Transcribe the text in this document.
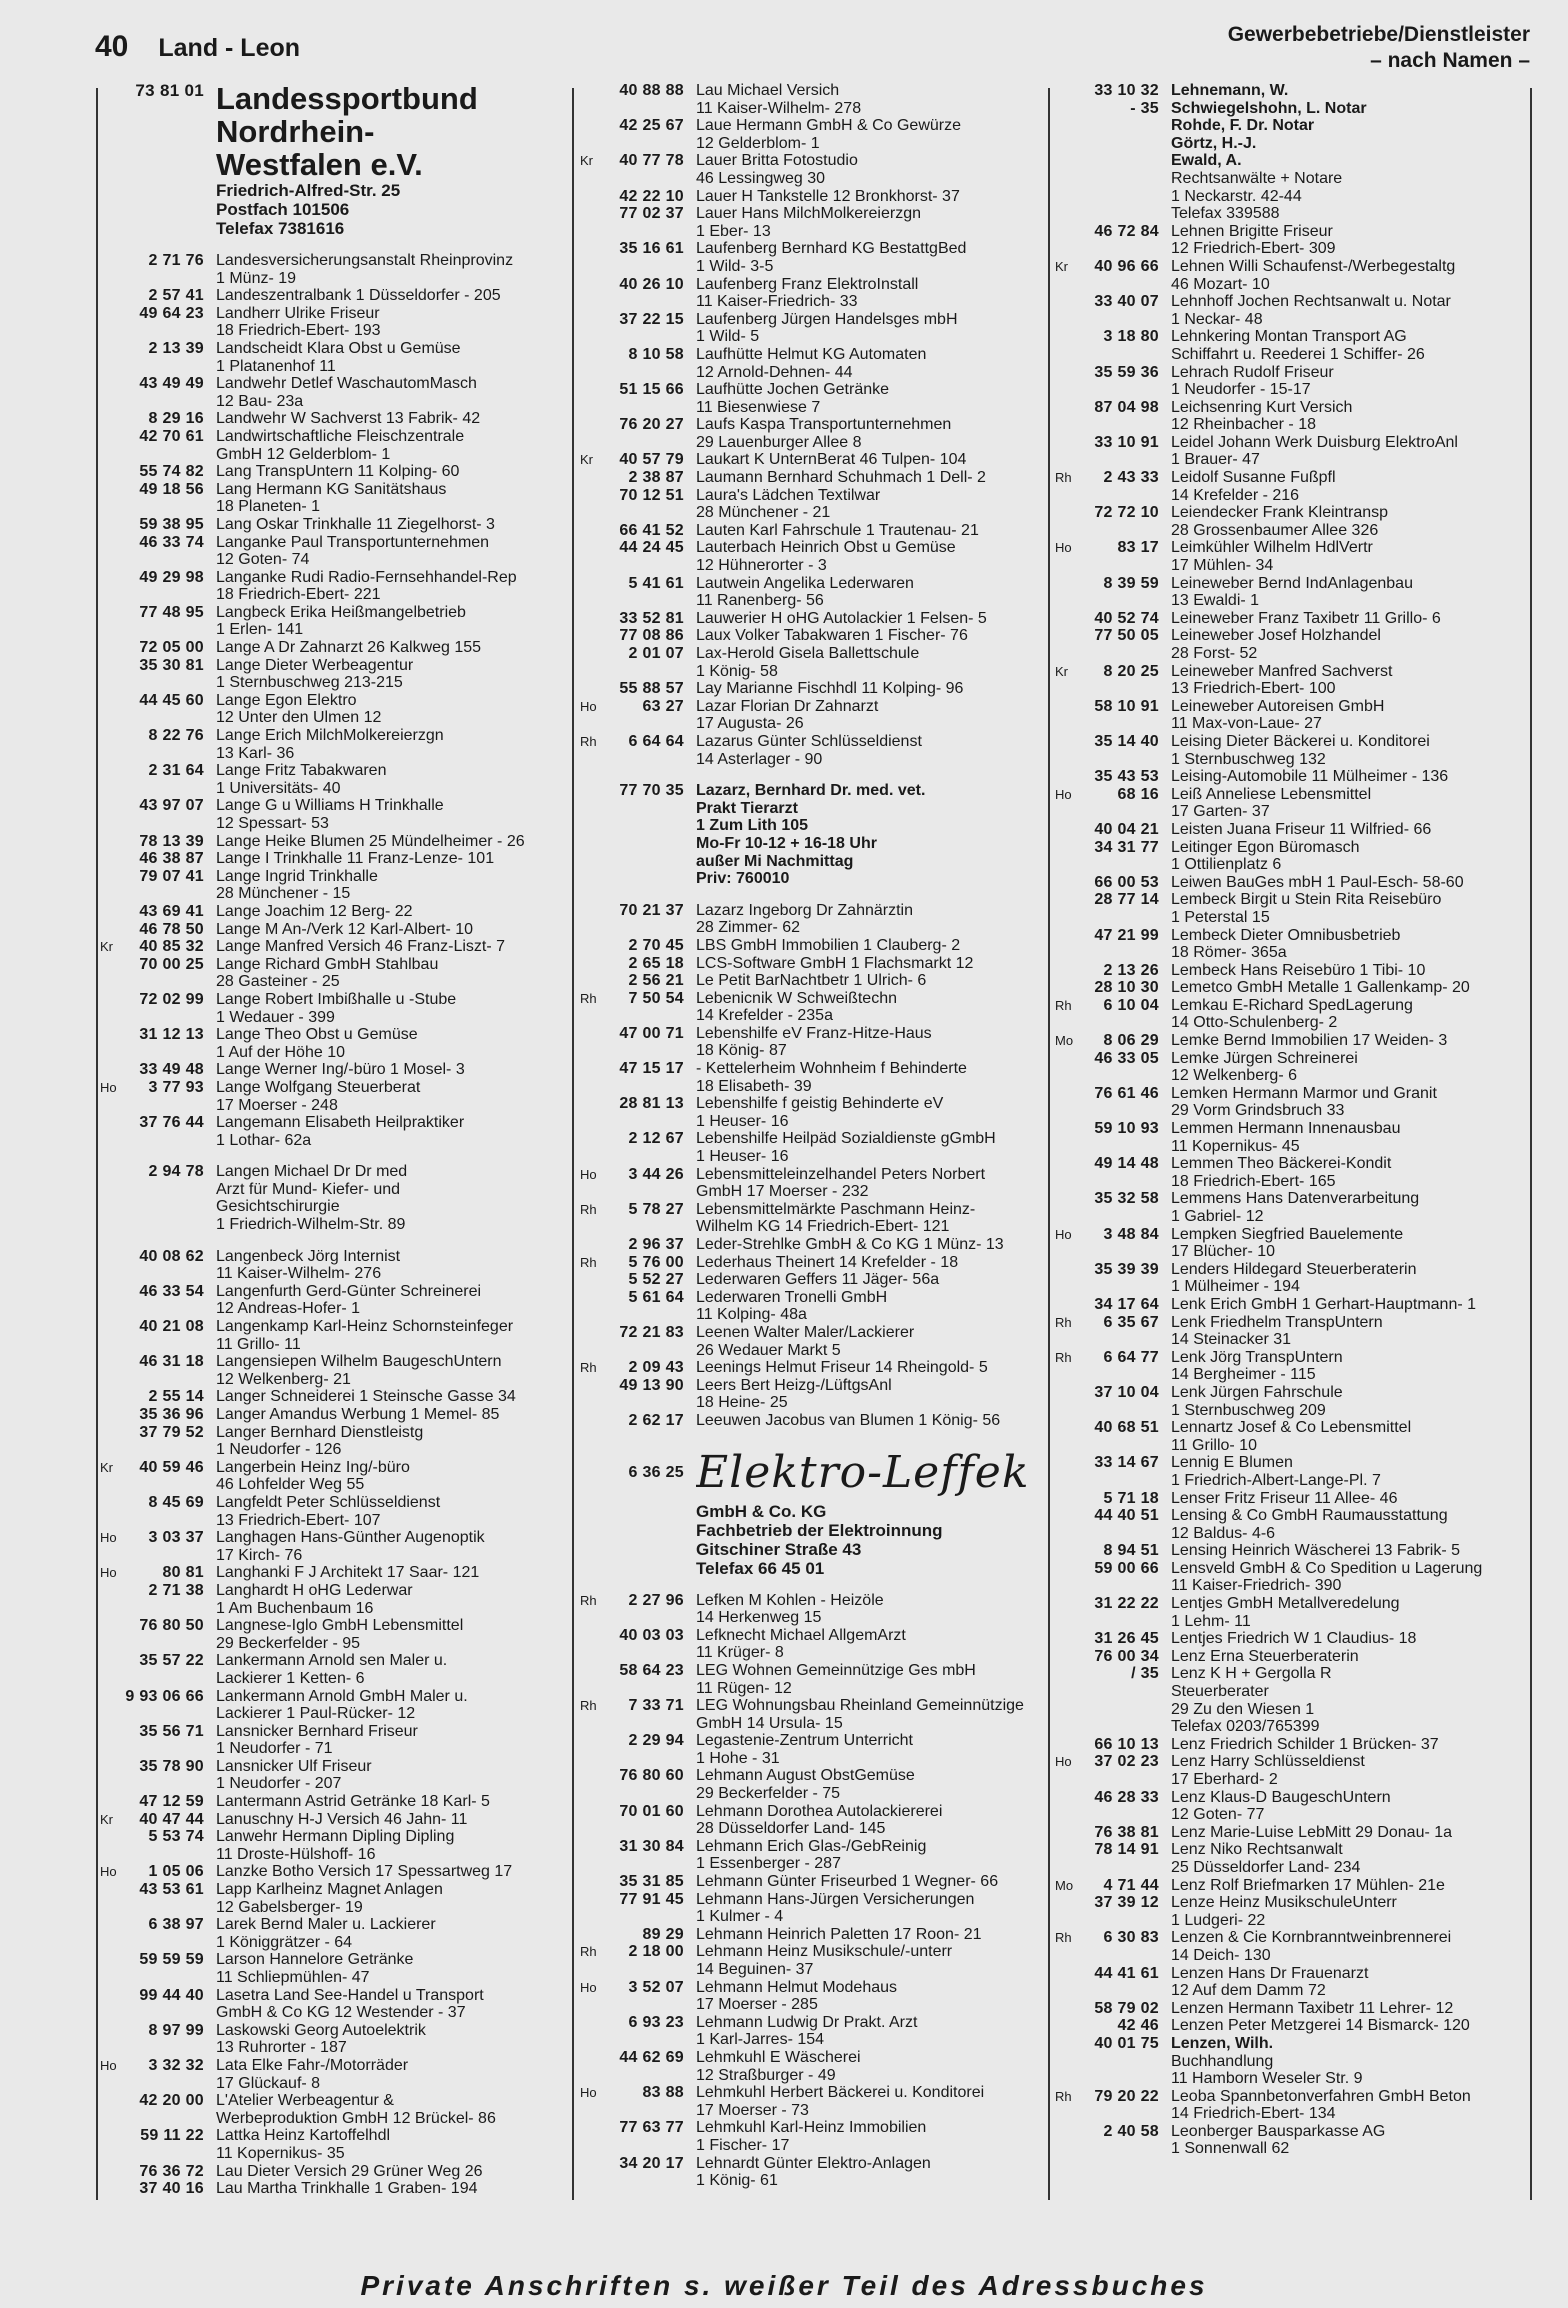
40 Land - Leon	Gewerbebetriebe/Dienstleister
– nach Namen –
73 81 01 Landessportbund
Nordrhein-
Westfalen e.V.
Friedrich-Alfred-Str. 25
Postfach 101506
Telefax 7381616
2 71 76 Landesversicherungsanstalt Rheinprovinz
1 Münz- 19
2 57 41 Landeszentralbank 1 Düsseldorfer - 205
49 64 23 Landherr Ulrike Friseur
18 Friedrich-Ebert- 193
2 13 39 Landscheidt Klara Obst u Gemüse
1 Platanenhof 11
43 49 49 Landwehr Detlef WaschautomMasch
12 Bau- 23a
8 29 16 Landwehr W Sachverst 13 Fabrik- 42
42 70 61 Landwirtschaftliche Fleischzentrale
GmbH 12 Gelderblom- 1
55 74 82 Lang TranspUntern 11 Kolping- 60
49 18 56 Lang Hermann KG Sanitätshaus
18 Planeten- 1
59 38 95 Lang Oskar Trinkhalle 11 Ziegelhorst- 3
46 33 74 Langanke Paul Transportunternehmen
12 Goten- 74
49 29 98 Langanke Rudi Radio-Fernsehhandel-Rep
18 Friedrich-Ebert- 221
77 48 95 Langbeck Erika Heißmangelbetrieb
1 Erlen- 141
72 05 00 Lange A Dr Zahnarzt 26 Kalkweg 155
35 30 81 Lange Dieter Werbeagentur
1 Sternbuschweg 213-215
44 45 60 Lange Egon Elektro
12 Unter den Ulmen 12
8 22 76 Lange Erich MilchMolkereierzgn
13 Karl- 36
2 31 64 Lange Fritz Tabakwaren
1 Universitäts- 40
43 97 07 Lange G u Williams H Trinkhalle
12 Spessart- 53
78 13 39 Lange Heike Blumen 25 Mündelheimer - 26
46 38 87 Lange I Trinkhalle 11 Franz-Lenze- 101
79 07 41 Lange Ingrid Trinkhalle
28 Münchener - 15
43 69 41 Lange Joachim 12 Berg- 22
46 78 50 Lange M An-/Verk 12 Karl-Albert- 10
Kr	40 85 32 Lange Manfred Versich 46 Franz-Liszt- 7
70 00 25 Lange Richard GmbH Stahlbau
28 Gasteiner - 25
72 02 99 Lange Robert Imbißhalle u -Stube
1 Wedauer - 399
31 12 13 Lange Theo Obst u Gemüse
1 Auf der Höhe 10
33 49 48 Lange Werner Ing/-büro 1 Mosel- 3
Ho	3 77 93 Lange Wolfgang Steuerberat
17 Moerser - 248
37 76 44 Langemann Elisabeth Heilpraktiker
1 Lothar- 62a
2 94 78 Langen Michael Dr Dr med
Arzt für Mund- Kiefer- und
Gesichtschirurgie
1 Friedrich-Wilhelm-Str. 89
40 08 62 Langenbeck Jörg Internist
11 Kaiser-Wilhelm- 276
46 33 54 Langenfurth Gerd-Günter Schreinerei
12 Andreas-Hofer- 1
40 21 08 Langenkamp Karl-Heinz Schornsteinfeger
11 Grillo- 11
46 31 18 Langensiepen Wilhelm BaugeschUntern
12 Welkenberg- 21
2 55 14 Langer Schneiderei 1 Steinsche Gasse 34
35 36 96 Langer Amandus Werbung 1 Memel- 85
37 79 52 Langer Bernhard Dienstleistg
1 Neudorfer - 126
Kr	40 59 46 Langerbein Heinz Ing/-büro
46 Lohfelder Weg 55
8 45 69 Langfeldt Peter Schlüsseldienst
13 Friedrich-Ebert- 107
Ho	3 03 37 Langhagen Hans-Günther Augenoptik
17 Kirch- 76
Ho	80 81 Langhanki F J Architekt 17 Saar- 121
2 71 38 Langhardt H oHG Lederwar
1 Am Buchenbaum 16
76 80 50 Langnese-Iglo GmbH Lebensmittel
29 Beckerfelder - 95
35 57 22 Lankermann Arnold sen Maler u.
Lackierer 1 Ketten- 6
9 93 06 66 Lankermann Arnold GmbH Maler u.
Lackierer 1 Paul-Rücker- 12
35 56 71 Lansnicker Bernhard Friseur
1 Neudorfer - 71
35 78 90 Lansnicker Ulf Friseur
1 Neudorfer - 207
47 12 59 Lantermann Astrid Getränke 18 Karl- 5
Kr	40 47 44 Lanuschny H-J Versich 46 Jahn- 11
5 53 74 Lanwehr Hermann Dipling Dipling
11 Droste-Hülshoff- 16
Ho	1 05 06 Lanzke Botho Versich 17 Spessartweg 17
43 53 61 Lapp Karlheinz Magnet Anlagen
12 Gabelsberger- 19
6 38 97 Larek Bernd Maler u. Lackierer
1 Königgrätzer - 64
59 59 59 Larson Hannelore Getränke
11 Schliepmühlen- 47
99 44 40 Lasetra Land See-Handel u Transport
GmbH & Co KG 12 Westender - 37
8 97 99 Laskowski Georg Autoelektrik
13 Ruhrorter - 187
Ho	3 32 32 Lata Elke Fahr-/Motorräder
17 Glückauf- 8
42 20 00 L'Atelier Werbeagentur &
Werbeproduktion GmbH 12 Brückel- 86
59 11 22 Lattka Heinz Kartoffelhdl
11 Kopernikus- 35
76 36 72 Lau Dieter Versich 29 Grüner Weg 26
37 40 16 Lau Martha Trinkhalle 1 Graben- 194
40 88 88 Lau Michael Versich
11 Kaiser-Wilhelm- 278
42 25 67 Laue Hermann GmbH & Co Gewürze
12 Gelderblom- 1
Kr	40 77 78 Lauer Britta Fotostudio
46 Lessingweg 30
42 22 10 Lauer H Tankstelle 12 Bronkhorst- 37
77 02 37 Lauer Hans MilchMolkereierzgn
1 Eber- 13
35 16 61 Laufenberg Bernhard KG BestattgBed
1 Wild- 3-5
40 26 10 Laufenberg Franz ElektroInstall
11 Kaiser-Friedrich- 33
37 22 15 Laufenberg Jürgen Handelsges mbH
1 Wild- 5
8 10 58 Laufhütte Helmut KG Automaten
12 Arnold-Dehnen- 44
51 15 66 Laufhütte Jochen Getränke
11 Biesenwiese 7
76 20 27 Laufs Kaspa Transportunternehmen
29 Lauenburger Allee 8
Kr	40 57 79 Laukart K UnternBerat 46 Tulpen- 104
2 38 87 Laumann Bernhard Schuhmach 1 Dell- 2
70 12 51 Laura's Lädchen Textilwar
28 Münchener - 21
66 41 52 Lauten Karl Fahrschule 1 Trautenau- 21
44 24 45 Lauterbach Heinrich Obst u Gemüse
12 Hühnerorter - 3
5 41 61 Lautwein Angelika Lederwaren
11 Ranenberg- 56
33 52 81 Lauwerier H oHG Autolackier 1 Felsen- 5
77 08 86 Laux Volker Tabakwaren 1 Fischer- 76
2 01 07 Lax-Herold Gisela Ballettschule
1 König- 58
55 88 57 Lay Marianne Fischhdl 11 Kolping- 96
Ho	63 27 Lazar Florian Dr Zahnarzt
17 Augusta- 26
Rh	6 64 64 Lazarus Günter Schlüsseldienst
14 Asterlager - 90
77 70 35 Lazarz, Bernhard Dr. med. vet.
Prakt Tierarzt
1 Zum Lith 105
Mo-Fr 10-12 + 16-18 Uhr
außer Mi Nachmittag
Priv: 760010
70 21 37 Lazarz Ingeborg Dr Zahnärztin
28 Zimmer- 62
2 70 45 LBS GmbH Immobilien 1 Clauberg- 2
2 65 18 LCS-Software GmbH 1 Flachsmarkt 12
2 56 21 Le Petit BarNachtbetr 1 Ulrich- 6
Rh	7 50 54 Lebenicnik W Schweißtechn
14 Krefelder - 235a
47 00 71 Lebenshilfe eV Franz-Hitze-Haus
18 König- 87
47 15 17 - Kettelerheim Wohnheim f Behinderte
18 Elisabeth- 39
28 81 13 Lebenshilfe f geistig Behinderte eV
1 Heuser- 16
2 12 67 Lebenshilfe Heilpäd Sozialdienste gGmbH
1 Heuser- 16
Ho	3 44 26 Lebensmitteleinzelhandel Peters Norbert
GmbH 17 Moerser - 232
Rh	5 78 27 Lebensmittelmärkte Paschmann Heinz-
Wilhelm KG 14 Friedrich-Ebert- 121
2 96 37 Leder-Strehlke GmbH & Co KG 1 Münz- 13
Rh	5 76 00 Lederhaus Theinert 14 Krefelder - 18
5 52 27 Lederwaren Geffers 11 Jäger- 56a
5 61 64 Lederwaren Tronelli GmbH
11 Kolping- 48a
72 21 83 Leenen Walter Maler/Lackierer
26 Wedauer Markt 5
Rh	2 09 43 Leenings Helmut Friseur 14 Rheingold- 5
49 13 90 Leers Bert Heizg-/LüftgsAnl
18 Heine- 25
2 62 17 Leeuwen Jacobus van Blumen 1 König- 56
6 36 25 Elektro-Leffek
GmbH & Co. KG
Fachbetrieb der Elektroinnung
Gitschiner Straße 43
Telefax 66 45 01
Rh	2 27 96 Lefken M Kohlen - Heizöle
14 Herkenweg 15
40 03 03 Lefknecht Michael AllgemArzt
11 Krüger- 8
58 64 23 LEG Wohnen Gemeinnützige Ges mbH
11 Rügen- 12
Rh	7 33 71 LEG Wohnungsbau Rheinland Gemeinnützige
GmbH 14 Ursula- 15
2 29 94 Legastenie-Zentrum Unterricht
1 Hohe - 31
76 80 60 Lehmann August ObstGemüse
29 Beckerfelder - 75
70 01 60 Lehmann Dorothea Autolackiererei
28 Düsseldorfer Land- 145
31 30 84 Lehmann Erich Glas-/GebReinig
1 Essenberger - 287
35 31 85 Lehmann Günter Friseurbed 1 Wegner- 66
77 91 45 Lehmann Hans-Jürgen Versicherungen
1 Kulmer - 4
89 29 Lehmann Heinrich Paletten 17 Roon- 21
Rh	2 18 00 Lehmann Heinz Musikschule/-unterr
14 Beguinen- 37
Ho	3 52 07 Lehmann Helmut Modehaus
17 Moerser - 285
6 93 23 Lehmann Ludwig Dr Prakt. Arzt
1 Karl-Jarres- 154
44 62 69 Lehmkuhl E Wäscherei
12 Straßburger - 49
Ho	83 88 Lehmkuhl Herbert Bäckerei u. Konditorei
17 Moerser - 73
77 63 77 Lehmkuhl Karl-Heinz Immobilien
1 Fischer- 17
34 20 17 Lehnardt Günter Elektro-Anlagen
1 König- 61
33 10 32 Lehnemann, W.
- 35 Schwiegelshohn, L. Notar
Rohde, F. Dr. Notar
Görtz, H.-J.
Ewald, A.
Rechtsanwälte + Notare
1 Neckarstr. 42-44
Telefax 339588
46 72 84 Lehnen Brigitte Friseur
12 Friedrich-Ebert- 309
Kr	40 96 66 Lehnen Willi Schaufenst-/Werbegestaltg
46 Mozart- 10
33 40 07 Lehnhoff Jochen Rechtsanwalt u. Notar
1 Neckar- 48
3 18 80 Lehnkering Montan Transport AG
Schiffahrt u. Reederei 1 Schiffer- 26
35 59 36 Lehrach Rudolf Friseur
1 Neudorfer - 15-17
87 04 98 Leichsenring Kurt Versich
12 Rheinbacher - 18
33 10 91 Leidel Johann Werk Duisburg ElektroAnl
1 Brauer- 47
Rh	2 43 33 Leidolf Susanne Fußpfl
14 Krefelder - 216
72 72 10 Leiendecker Frank Kleintransp
28 Grossenbaumer Allee 326
Ho	83 17 Leimkühler Wilhelm HdlVertr
17 Mühlen- 34
8 39 59 Leineweber Bernd IndAnlagenbau
13 Ewaldi- 1
40 52 74 Leineweber Franz Taxibetr 11 Grillo- 6
77 50 05 Leineweber Josef Holzhandel
28 Forst- 52
Kr	8 20 25 Leineweber Manfred Sachverst
13 Friedrich-Ebert- 100
58 10 91 Leineweber Autoreisen GmbH
11 Max-von-Laue- 27
35 14 40 Leising Dieter Bäckerei u. Konditorei
1 Sternbuschweg 132
35 43 53 Leising-Automobile 11 Mülheimer - 136
Ho	68 16 Leiß Anneliese Lebensmittel
17 Garten- 37
40 04 21 Leisten Juana Friseur 11 Wilfried- 66
34 31 77 Leitinger Egon Büromasch
1 Ottilienplatz 6
66 00 53 Leiwen BauGes mbH 1 Paul-Esch- 58-60
28 77 14 Lembeck Birgit u Stein Rita Reisebüro
1 Peterstal 15
47 21 99 Lembeck Dieter Omnibusbetrieb
18 Römer- 365a
2 13 26 Lembeck Hans Reisebüro 1 Tibi- 10
28 10 30 Lemetco GmbH Metalle 1 Gallenkamp- 20
Rh	6 10 04 Lemkau E-Richard SpedLagerung
14 Otto-Schulenberg- 2
Mo	8 06 29 Lemke Bernd Immobilien 17 Weiden- 3
46 33 05 Lemke Jürgen Schreinerei
12 Welkenberg- 6
76 61 46 Lemken Hermann Marmor und Granit
29 Vorm Grindsbruch 33
59 10 93 Lemmen Hermann Innenausbau
11 Kopernikus- 45
49 14 48 Lemmen Theo Bäckerei-Kondit
18 Friedrich-Ebert- 165
35 32 58 Lemmens Hans Datenverarbeitung
1 Gabriel- 12
Ho	3 48 84 Lempken Siegfried Bauelemente
17 Blücher- 10
35 39 39 Lenders Hildegard Steuerberaterin
1 Mülheimer - 194
34 17 64 Lenk Erich GmbH 1 Gerhart-Hauptmann- 1
Rh	6 35 67 Lenk Friedhelm TranspUntern
14 Steinacker 31
Rh	6 64 77 Lenk Jörg TranspUntern
14 Bergheimer - 115
37 10 04 Lenk Jürgen Fahrschule
1 Sternbuschweg 209
40 68 51 Lennartz Josef & Co Lebensmittel
11 Grillo- 10
33 14 67 Lennig E Blumen
1 Friedrich-Albert-Lange-Pl. 7
5 71 18 Lenser Fritz Friseur 11 Allee- 46
44 40 51 Lensing & Co GmbH Raumausstattung
12 Baldus- 4-6
8 94 51 Lensing Heinrich Wäscherei 13 Fabrik- 5
59 00 66 Lensveld GmbH & Co Spedition u Lagerung
11 Kaiser-Friedrich- 390
31 22 22 Lentjes GmbH Metallveredelung
1 Lehm- 11
31 26 45 Lentjes Friedrich W 1 Claudius- 18
76 00 34 Lenz Erna Steuerberaterin
/ 35 Lenz K H + Gergolla R
Steuerberater
29 Zu den Wiesen 1
Telefax 0203/765399
66 10 13 Lenz Friedrich Schilder 1 Brücken- 37
Ho	37 02 23 Lenz Harry Schlüsseldienst
17 Eberhard- 2
46 28 33 Lenz Klaus-D BaugeschUntern
12 Goten- 77
76 38 81 Lenz Marie-Luise LebMitt 29 Donau- 1a
78 14 91 Lenz Niko Rechtsanwalt
25 Düsseldorfer Land- 234
Mo	4 71 44 Lenz Rolf Briefmarken 17 Mühlen- 21e
37 39 12 Lenze Heinz MusikschuleUnterr
1 Ludgeri- 22
Rh	6 30 83 Lenzen & Cie Kornbranntweinbrennerei
14 Deich- 130
44 41 61 Lenzen Hans Dr Frauenarzt
12 Auf dem Damm 72
58 79 02 Lenzen Hermann Taxibetr 11 Lehrer- 12
42 46 Lenzen Peter Metzgerei 14 Bismarck- 120
40 01 75 Lenzen, Wilh.
Buchhandlung
11 Hamborn Weseler Str. 9
Rh	79 20 22 Leoba Spannbetonverfahren GmbH Beton
14 Friedrich-Ebert- 134
2 40 58 Leonberger Bausparkasse AG
1 Sonnenwall 62
Private Anschriften s. weißer Teil des Adressbuches
